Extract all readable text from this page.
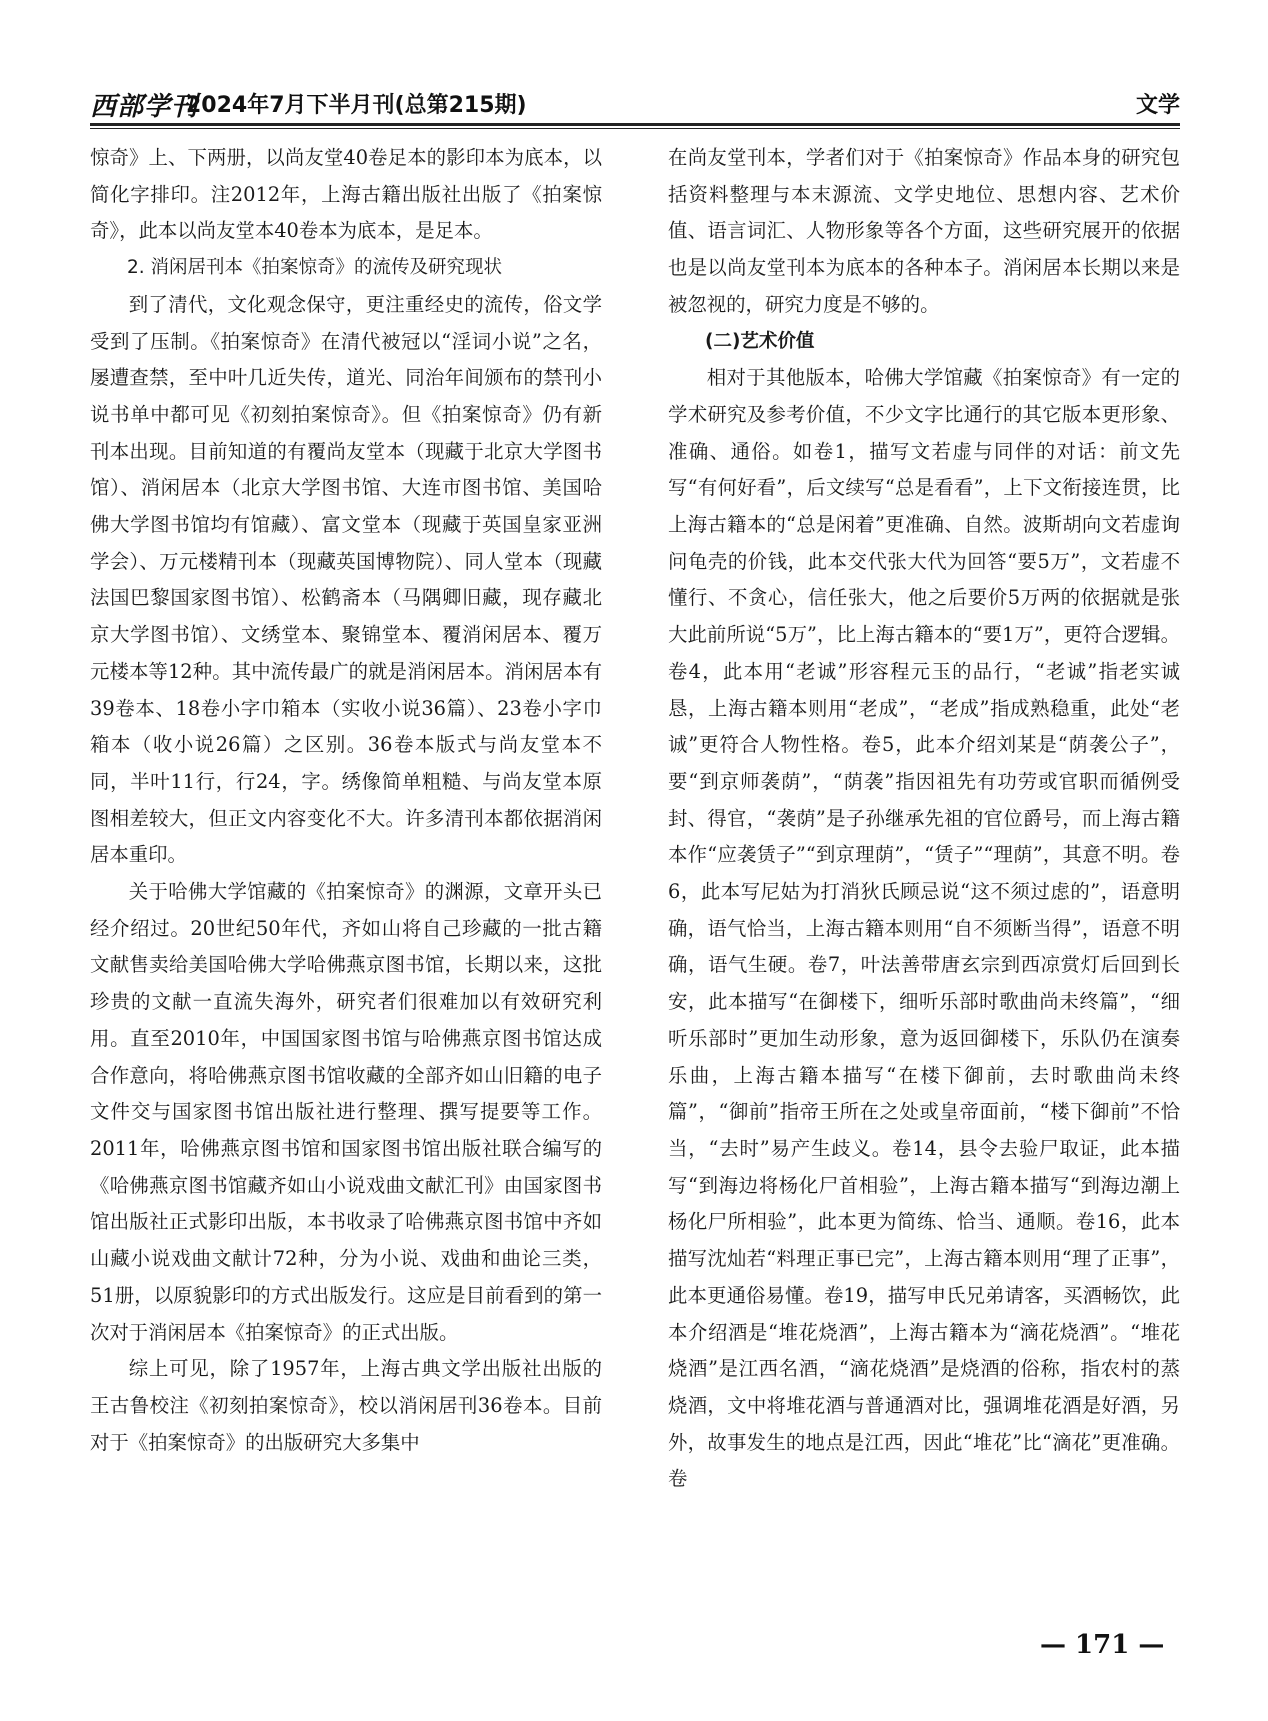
西部学刊
2024年7月下半月刊(总第215期)	文学

惊奇》上、下两册，以尚友堂40卷足本的影印本为底本，以简化字排印。注2012年，上海古籍出版社出版了《拍案惊奇》，此本以尚友堂本40卷本为底本，是足本。

2. 消闲居刊本《拍案惊奇》的流传及研究现状

到了清代，文化观念保守，更注重经史的流传，俗文学受到了压制。《拍案惊奇》在清代被冠以“淫词小说”之名，屡遭查禁，至中叶几近失传，道光、同治年间颁布的禁刊小说书单中都可见《初刻拍案惊奇》。但《拍案惊奇》仍有新刊本出现。目前知道的有覆尚友堂本（现藏于北京大学图书馆）、消闲居本（北京大学图书馆、大连市图书馆、美国哈佛大学图书馆均有馆藏）、富文堂本（现藏于英国皇家亚洲学会）、万元楼精刊本（现藏英国博物院）、同人堂本（现藏法国巴黎国家图书馆）、松鹤斋本（马隅卿旧藏，现存藏北京大学图书馆）、文绣堂本、聚锦堂本、覆消闲居本、覆万元楼本等12种。其中流传最广的就是消闲居本。消闲居本有39卷本、18卷小字巾箱本（实收小说36篇）、23卷小字巾箱本（收小说26篇）之区别。36卷本版式与尚友堂本不同，半叶11行，行24，字。绣像简单粗糙、与尚友堂本原图相差较大，但正文内容变化不大。许多清刊本都依据消闲居本重印。

关于哈佛大学馆藏的《拍案惊奇》的渊源，文章开头已经介绍过。20世纪50年代，齐如山将自己珍藏的一批古籍文献售卖给美国哈佛大学哈佛燕京图书馆，长期以来，这批珍贵的文献一直流失海外，研究者们很难加以有效研究利用。直至2010年，中国国家图书馆与哈佛燕京图书馆达成合作意向，将哈佛燕京图书馆收藏的全部齐如山旧籍的电子文件交与国家图书馆出版社进行整理、撰写提要等工作。2011年，哈佛燕京图书馆和国家图书馆出版社联合编写的《哈佛燕京图书馆藏齐如山小说戏曲文献汇刊》由国家图书馆出版社正式影印出版，本书收录了哈佛燕京图书馆中齐如山藏小说戏曲文献计72种，分为小说、戏曲和曲论三类，51册，以原貌影印的方式出版发行。这应是目前看到的第一次对于消闲居本《拍案惊奇》的正式出版。

综上可见，除了1957年，上海古典文学出版社出版的王古鲁校注《初刻拍案惊奇》，校以消闲居刊36卷本。目前对于《拍案惊奇》的出版研究大多集中

在尚友堂刊本，学者们对于《拍案惊奇》作品本身的研究包括资料整理与本末源流、文学史地位、思想内容、艺术价值、语言词汇、人物形象等各个方面，这些研究展开的依据也是以尚友堂刊本为底本的各种本子。消闲居本长期以来是被忽视的，研究力度是不够的。

(二)艺术价值

相对于其他版本，哈佛大学馆藏《拍案惊奇》有一定的学术研究及参考价值，不少文字比通行的其它版本更形象、准确、通俗。如卷1，描写文若虚与同伴的对话：前文先写“有何好看”，后文续写“总是看看”，上下文衔接连贯，比上海古籍本的“总是闲着”更准确、自然。波斯胡向文若虚询问龟壳的价钱，此本交代张大代为回答“要5万”，文若虚不懂行、不贪心，信任张大，他之后要价5万两的依据就是张大此前所说“5万”，比上海古籍本的“要1万”，更符合逻辑。卷4，此本用“老诚”形容程元玉的品行，“老诚”指老实诚恳，上海古籍本则用“老成”，“老成”指成熟稳重，此处“老诚”更符合人物性格。卷5，此本介绍刘某是“荫袭公子”，要“到京师袭荫”，“荫袭”指因祖先有功劳或官职而循例受封、得官，“袭荫”是子孙继承先祖的官位爵号，而上海古籍本作“应袭赁子”“到京理荫”，“赁子”“理荫”，其意不明。卷6，此本写尼姑为打消狄氏顾忌说“这不须过虑的”，语意明确，语气恰当，上海古籍本则用“自不须断当得”，语意不明确，语气生硬。卷7，叶法善带唐玄宗到西凉赏灯后回到长安，此本描写“在御楼下，细听乐部时歌曲尚未终篇”，“细听乐部时”更加生动形象，意为返回御楼下，乐队仍在演奏乐曲，上海古籍本描写“在楼下御前，去时歌曲尚未终篇”，“御前”指帝王所在之处或皇帝面前，“楼下御前”不恰当，“去时”易产生歧义。卷14，县令去验尸取证，此本描写“到海边将杨化尸首相验”，上海古籍本描写“到海边潮上杨化尸所相验”，此本更为简练、恰当、通顺。卷16，此本描写沈灿若“料理正事已完”，上海古籍本则用“理了正事”，此本更通俗易懂。卷19，描写申氏兄弟请客，买酒畅饮，此本介绍酒是“堆花烧酒”，上海古籍本为“滴花烧酒”。“堆花烧酒”是江西名酒，“滴花烧酒”是烧酒的俗称，指农村的蒸烧酒，文中将堆花酒与普通酒对比，强调堆花酒是好酒，另外，故事发生的地点是江西，因此“堆花”比“滴花”更准确。卷

— 171 —
